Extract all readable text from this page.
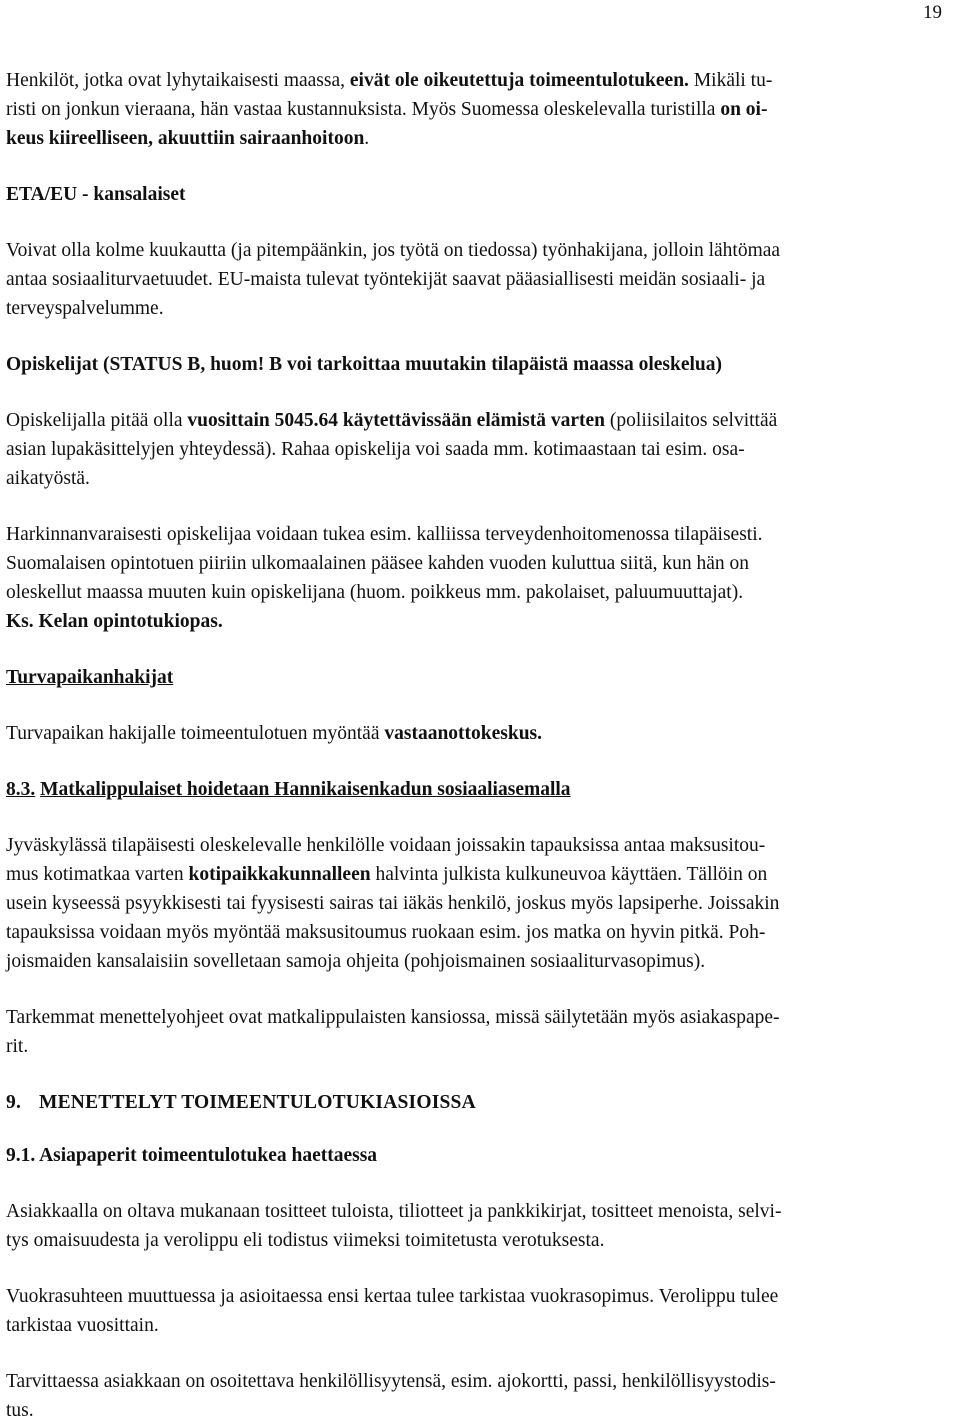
19

Henkilöt, jotka ovat lyhytaikaisesti maassa, eivät ole oikeutettuja toimeentulotukeen. Mikäli tu-
risti on jonkun vieraana, hän vastaa kustannuksista. Myös Suomessa oleskelevalla turistilla on oi-
keus kiireelliseen, akuuttiin sairaanhoitoon.

ETA/EU - kansalaiset

Voivat olla kolme kuukautta (ja pitempäänkin, jos työtä on tiedossa) työnhakijana, jolloin lähtömaa
antaa sosiaaliturvaetuudet. EU-maista tulevat työntekijät saavat pääasiallisesti meidän sosiaali- ja
terveyspalvelumme.

Opiskelijat (STATUS B, huom! B voi tarkoittaa muutakin tilapäistä maassa oleskelua)

Opiskelijalla pitää olla vuosittain 5045.64 käytettävissään elämistä varten (poliisilaitos selvittää
asian lupakäsittelyjen yhteydessä). Rahaa opiskelija voi saada mm. kotimaastaan tai esim. osa-
aikatyöstä.

Harkinnanvaraisesti opiskelijaa voidaan tukea esim. kalliissa terveydenhoitomenossa tilapäisesti.
Suomalaisen opintotuen piiriin ulkomaalainen pääsee kahden vuoden kuluttua siitä, kun hän on
oleskellut maassa muuten kuin opiskelijana (huom. poikkeus mm. pakolaiset, paluumuuttajat).
Ks. Kelan opintotukiopas.

Turvapaikanhakijat

Turvapaikan hakijalle toimeentulotuen myöntää vastaanottokeskus.

8.3. Matkalippulaiset hoidetaan Hannikaisenkadun sosiaaliasemalla

Jyväskylässä tilapäisesti oleskelevalle henkilölle voidaan joissakin tapauksissa antaa maksusitou-
mus kotimatkaa varten kotipaikkakunnalleen halvinta julkista kulkuneuvoa käyttäen. Tällöin on
usein kyseessä psyykkisesti tai fyysisesti sairas tai iäkäs henkilö, joskus myös lapsiperhe. Joissakin
tapauksissa voidaan myös myöntää maksusitoumus ruokaan esim. jos matka on hyvin pitkä. Poh-
joismaiden kansalaisiin sovelletaan samoja ohjeita (pohjoismainen sosiaaliturvasopimus).

Tarkemmat menettelyohjeet ovat matkalippulaisten kansiossa, missä säilytetään myös asiakaspape-
rit.

9. MENETTELYT TOIMEENTULOTUKIASIOISSA

9.1. Asiapaperit toimeentulotukea haettaessa

Asiakkaalla on oltava mukanaan tositteet tuloista, tiliotteet ja pankkikirjat, tositteet menoista, selvi-
tys omaisuudesta ja verolippu eli todistus viimeksi toimitetusta verotuksesta.

Vuokrasuhteen muuttuessa ja asioitaessa ensi kertaa tulee tarkistaa vuokrasopimus. Verolippu tulee
tarkistaa vuosittain.

Tarvittaessa asiakkaan on osoitettava henkilöllisyytensä, esim. ajokortti, passi, henkilöllisyystodis-
tus.
